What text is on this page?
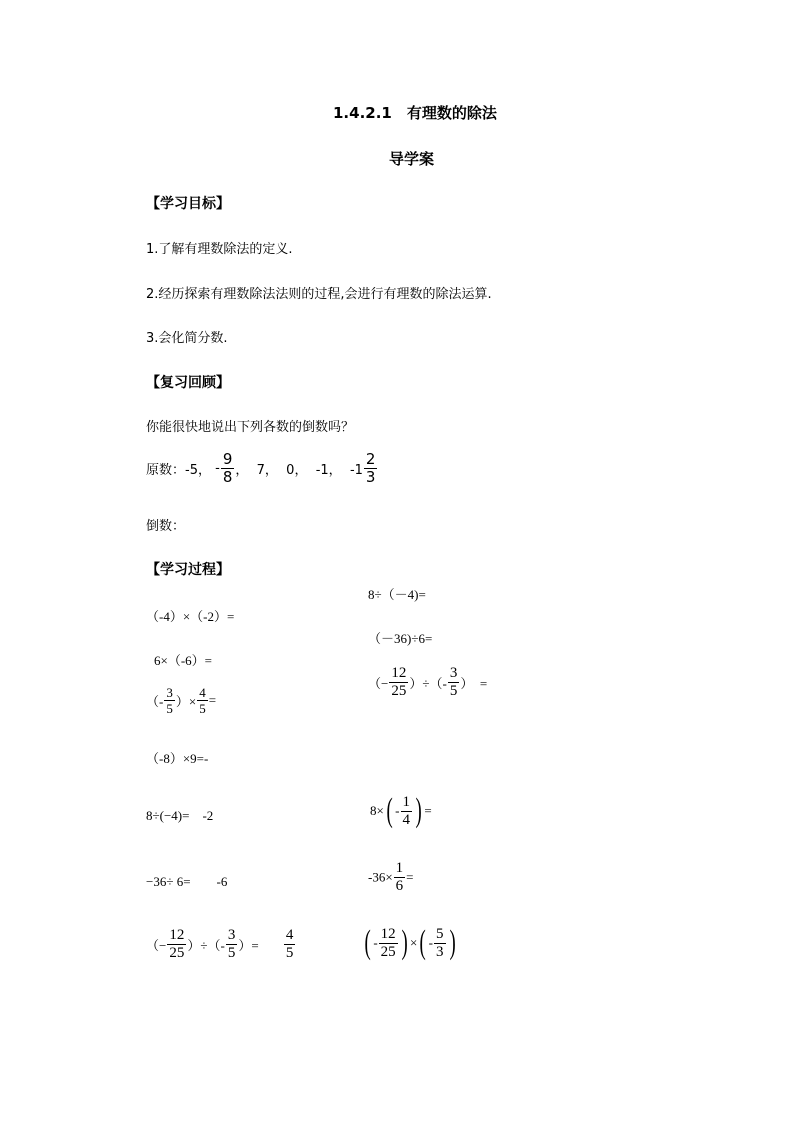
1.4.2.1　有理数的除法
导学案
【学习目标】
1.了解有理数除法的定义.
2.经历探索有理数除法法则的过程,会进行有理数的除法运算.
3.会化简分数.
【复习回顾】
你能很快地说出下列各数的倒数吗？
原数：-5， - $\frac{9}{8}$ ，  7，  0，  -1，  $-1 \frac{2}{3}$
倒数：
【学习过程】
（-4）×（-2）=
6×（-6）=
（- $\frac{3}{5}$ ）× $\frac{4}{5}$ =
（-8）×9=-
8÷(−4)=    -2
−36÷ 6=        -6
（− $\frac{12}{25}$ ）÷（- $\frac{3}{5}$ ）= $\frac{4}{5}$
8÷（－4)=
（－36)÷6=
（− $\frac{12}{25}$ ）÷（- $\frac{3}{5}$ ）  =
$8\times( - \frac{1}{4}$ ) =
$-36\times \frac{1}{6}$ =
( - $\frac{12}{25}$ ) ×( - $\frac{5}{3}$ )
